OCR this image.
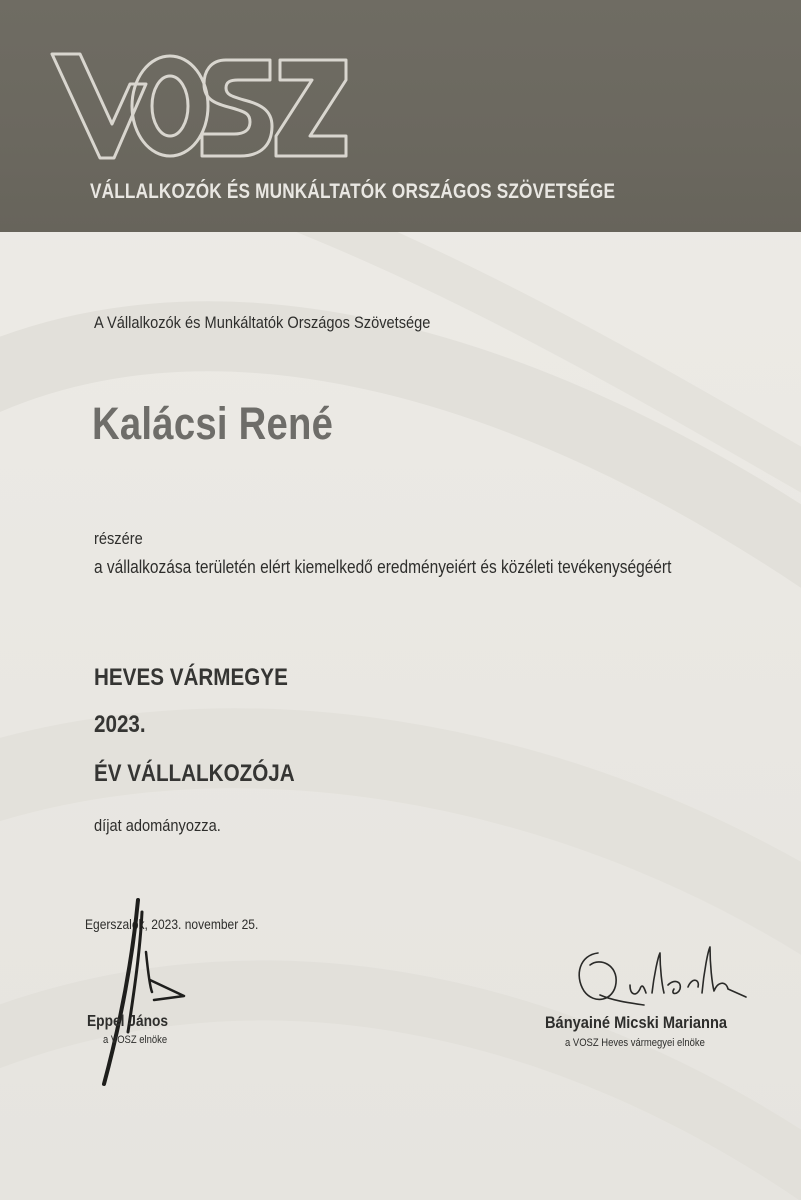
VOSZ
VÁLLALKOZÓK ÉS MUNKÁLTATÓK ORSZÁGOS SZÖVETSÉGE
A Vállalkozók és Munkáltatók Országos Szövetsége
Kalácsi René
részére
a vállalkozása területén elért kiemelkedő eredményeiért és közéleti tevékenységéért
HEVES VÁRMEGYE
2023.
ÉV VÁLLALKOZÓJA
díjat adományozza.
Egerszalók, 2023. november 25.
Eppel János
a VOSZ elnöke
Bányainé Micski Marianna
a VOSZ Heves vármegyei elnöke
